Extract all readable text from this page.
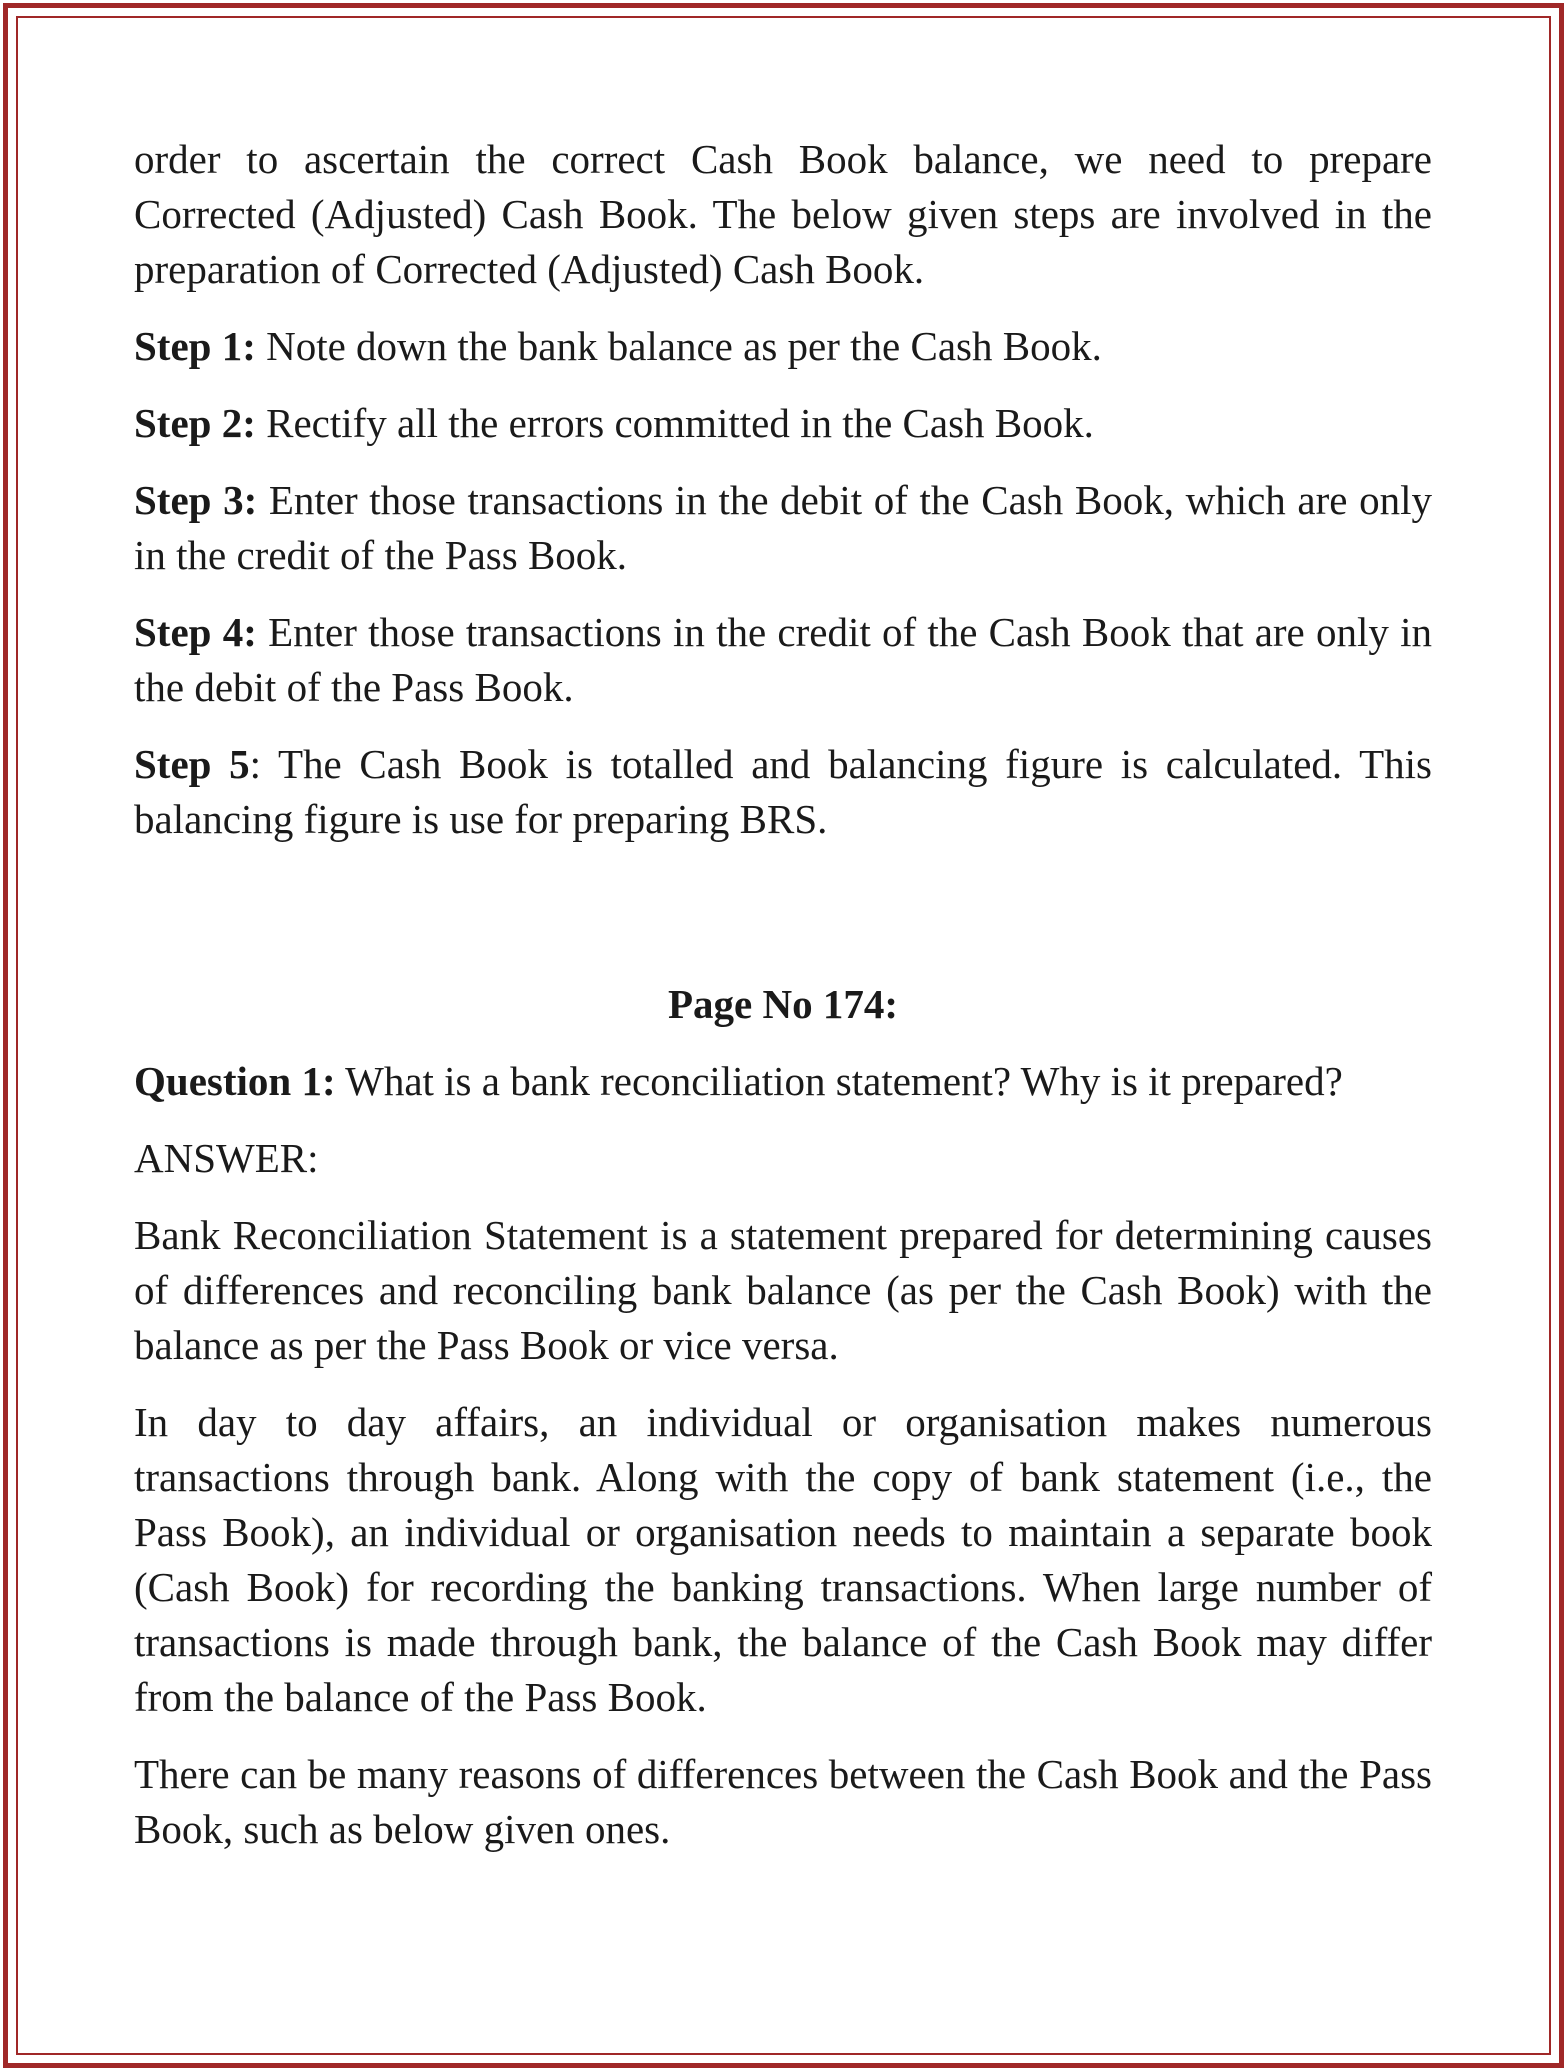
order to ascertain the correct Cash Book balance, we need to prepare Corrected (Adjusted) Cash Book. The below given steps are involved in the preparation of Corrected (Adjusted) Cash Book.

Step 1: Note down the bank balance as per the Cash Book.

Step 2: Rectify all the errors committed in the Cash Book.

Step 3: Enter those transactions in the debit of the Cash Book, which are only in the credit of the Pass Book.

Step 4: Enter those transactions in the credit of the Cash Book that are only in the debit of the Pass Book.

Step 5: The Cash Book is totalled and balancing figure is calculated. This balancing figure is use for preparing BRS.

Page No 174:

Question 1: What is a bank reconciliation statement? Why is it prepared?

ANSWER:

Bank Reconciliation Statement is a statement prepared for determining causes of differences and reconciling bank balance (as per the Cash Book) with the balance as per the Pass Book or vice versa.

In day to day affairs, an individual or organisation makes numerous transactions through bank. Along with the copy of bank statement (i.e., the Pass Book), an individual or organisation needs to maintain a separate book (Cash Book) for recording the banking transactions. When large number of transactions is made through bank, the balance of the Cash Book may differ from the balance of the Pass Book.

There can be many reasons of differences between the Cash Book and the Pass Book, such as below given ones.
